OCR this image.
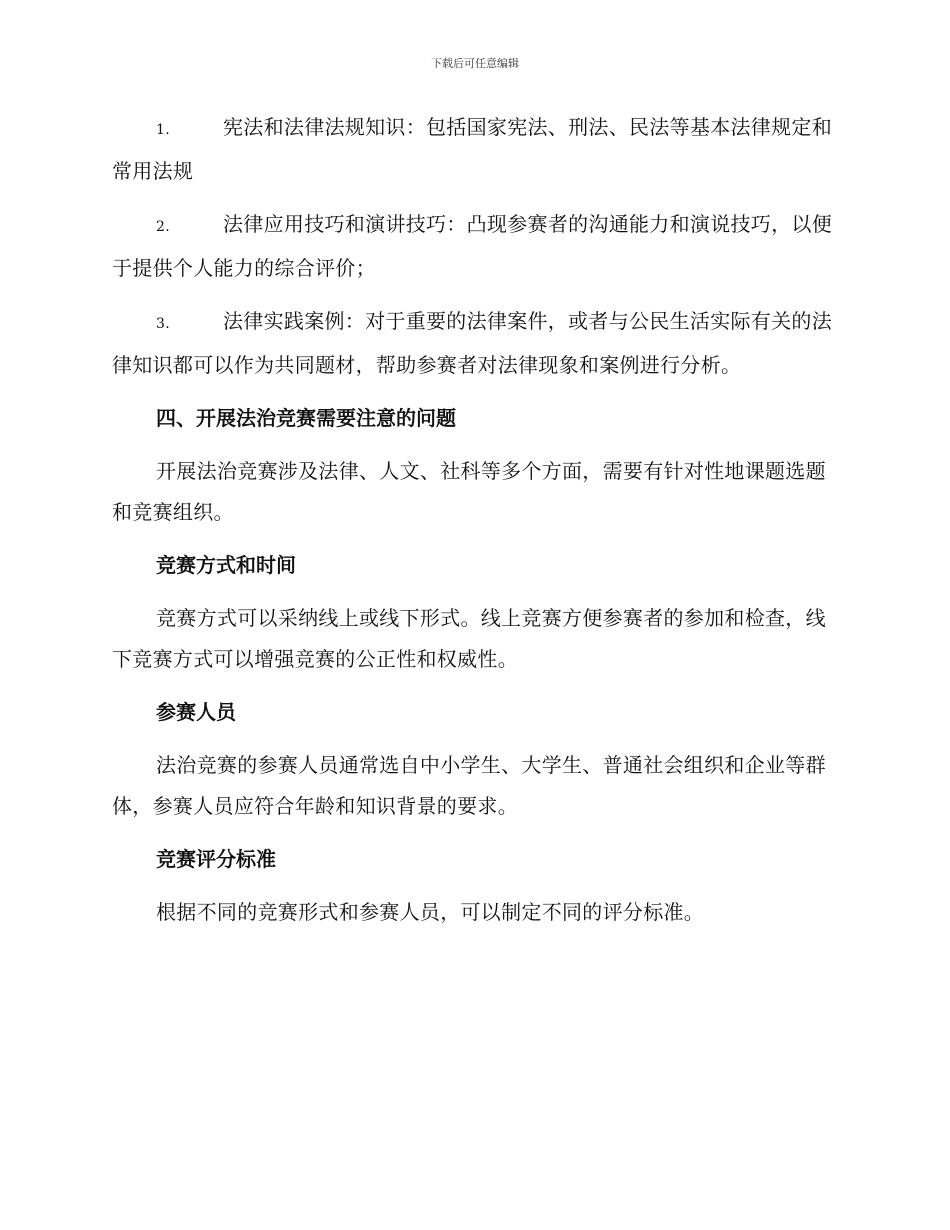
下载后可任意编辑

1.	宪法和法律法规知识：包括国家宪法、刑法、民法等基本法律规定和常用法规

2.	法律应用技巧和演讲技巧：凸现参赛者的沟通能力和演说技巧，以便于提供个人能力的综合评价；

3.	法律实践案例：对于重要的法律案件，或者与公民生活实际有关的法律知识都可以作为共同题材，帮助参赛者对法律现象和案例进行分析。

四、开展法治竞赛需要注意的问题

开展法治竞赛涉及法律、人文、社科等多个方面，需要有针对性地课题选题和竞赛组织。

竞赛方式和时间

竞赛方式可以采纳线上或线下形式。线上竞赛方便参赛者的参加和检查，线下竞赛方式可以增强竞赛的公正性和权威性。

参赛人员

法治竞赛的参赛人员通常选自中小学生、大学生、普通社会组织和企业等群体，参赛人员应符合年龄和知识背景的要求。

竞赛评分标准

根据不同的竞赛形式和参赛人员，可以制定不同的评分标准。
